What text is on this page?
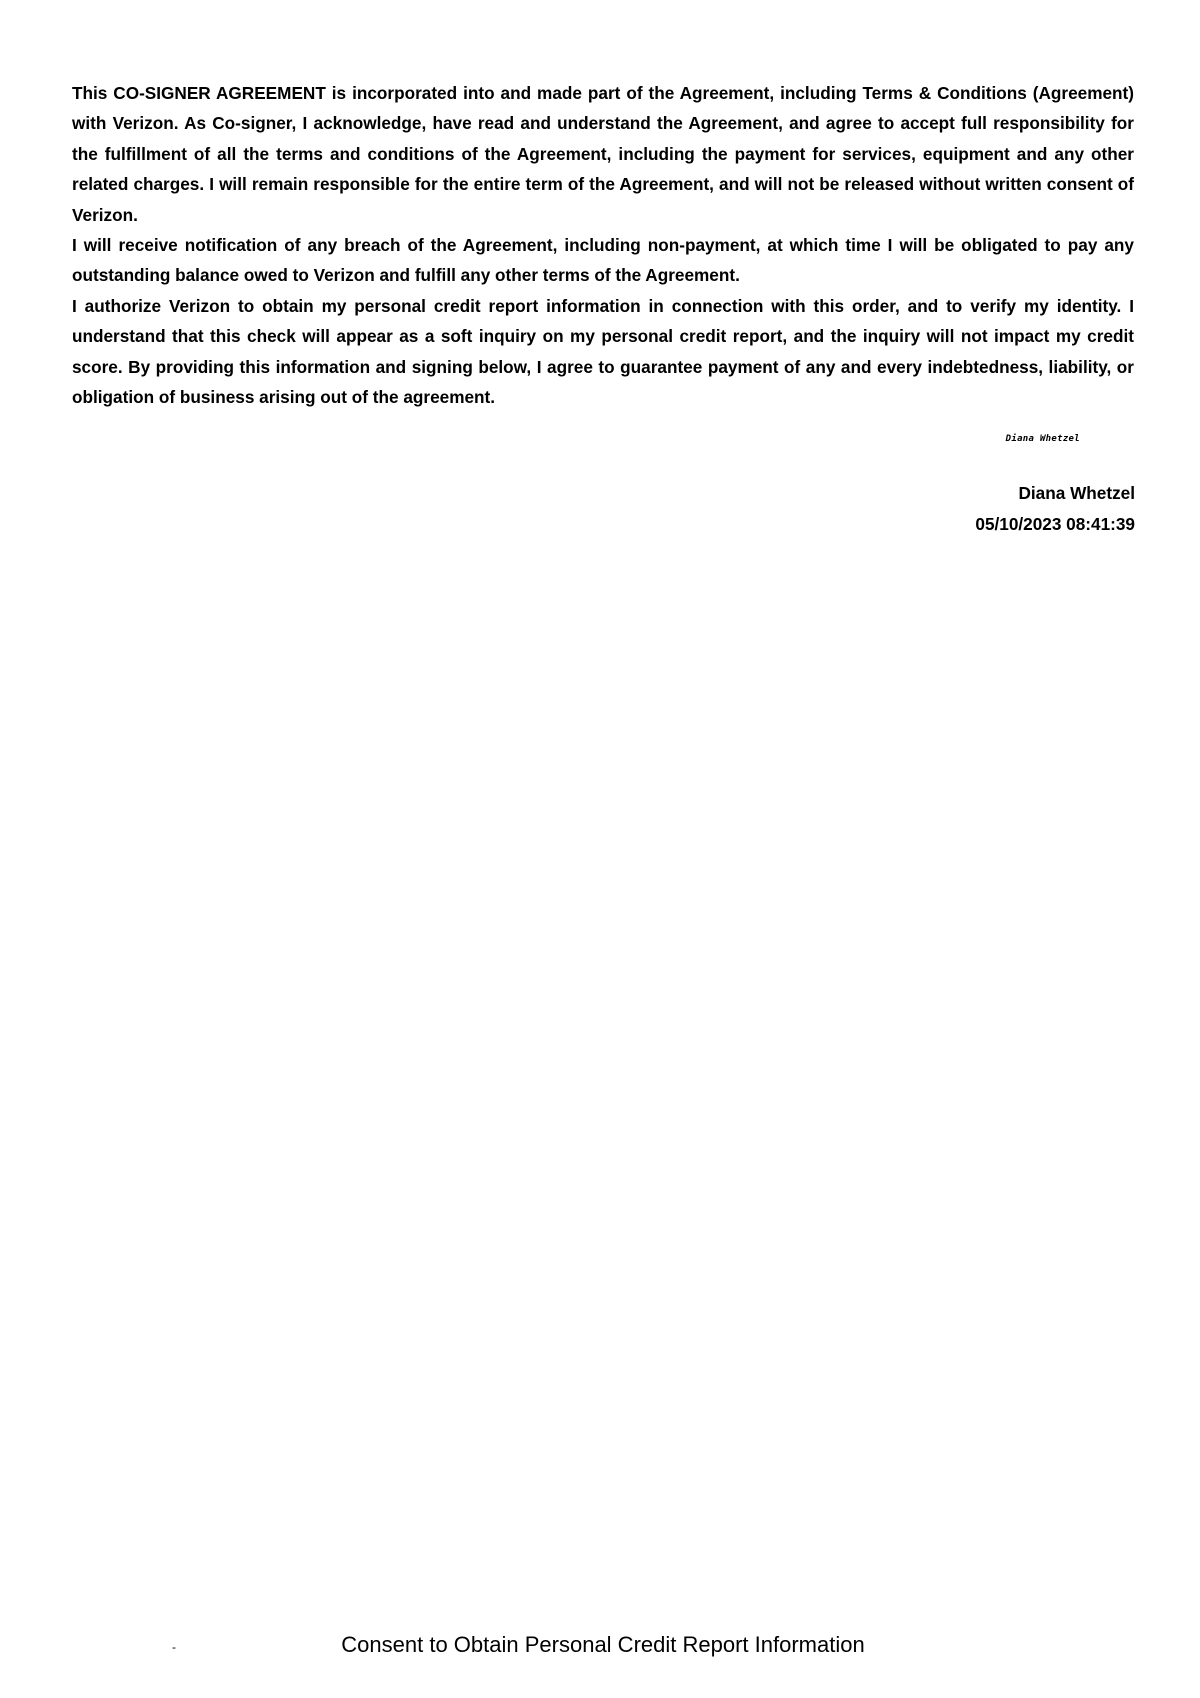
This CO-SIGNER AGREEMENT is incorporated into and made part of the Agreement, including Terms & Conditions (Agreement) with Verizon. As Co-signer, I acknowledge, have read and understand the Agreement, and agree to accept full responsibility for the fulfillment of all the terms and conditions of the Agreement, including the payment for services, equipment and any other related charges. I will remain responsible for the entire term of the Agreement, and will not be released without written consent of Verizon.

I will receive notification of any breach of the Agreement, including non-payment, at which time I will be obligated to pay any outstanding balance owed to Verizon and fulfill any other terms of the Agreement.

I authorize Verizon to obtain my personal credit report information in connection with this order, and to verify my identity. I understand that this check will appear as a soft inquiry on my personal credit report, and the inquiry will not impact my credit score. By providing this information and signing below, I agree to guarantee payment of any and every indebtedness, liability, or obligation of business arising out of the agreement.

Diana Whetzel
Diana Whetzel
05/10/2023 08:41:39
-	Consent to Obtain Personal Credit Report Information
